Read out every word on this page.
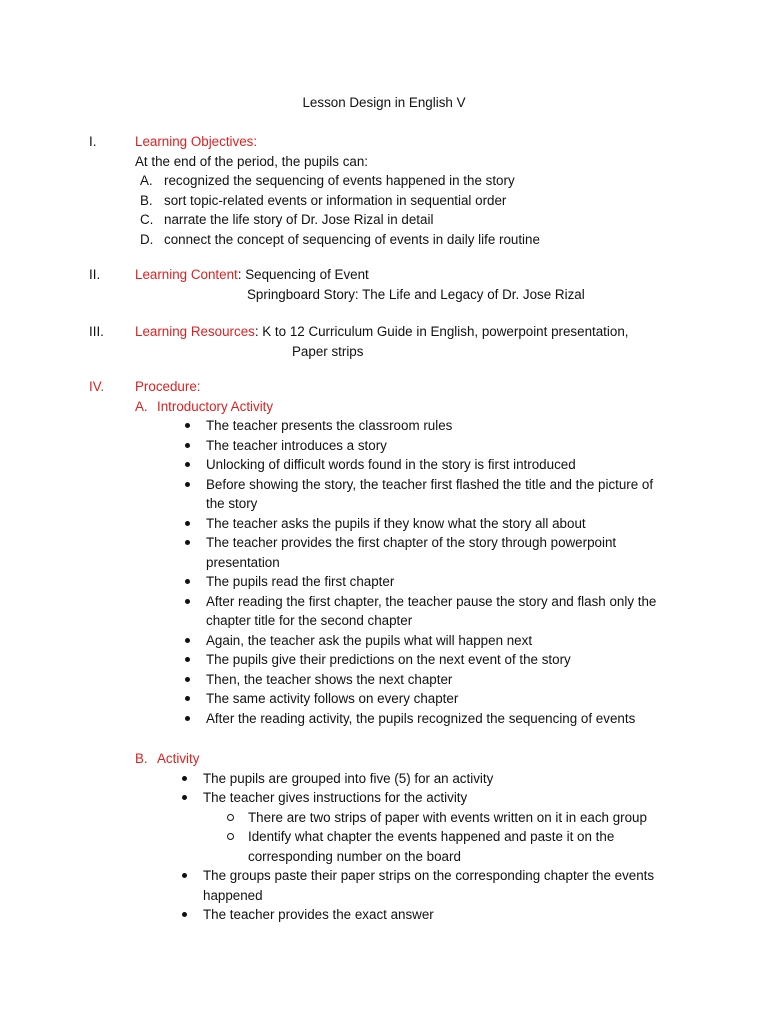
Lesson Design in English V
I.	Learning Objectives:
At the end of the period, the pupils can:
A. recognized the sequencing of events happened in the story
B. sort topic-related events or information in sequential order
C. narrate the life story of Dr. Jose Rizal in detail
D. connect the concept of sequencing of events in daily life routine
II.	Learning Content: Sequencing of Event
Springboard Story: The Life and Legacy of Dr. Jose Rizal
III.	Learning Resources: K to 12 Curriculum Guide in English, powerpoint presentation,
Paper strips
IV.	Procedure:
A. Introductory Activity
The teacher presents the classroom rules
The teacher introduces a story
Unlocking of difficult words found in the story is first introduced
Before showing the story, the teacher first flashed the title and the picture of
the story
The teacher asks the pupils if they know what the story all about
The teacher provides the first chapter of the story through powerpoint
presentation
The pupils read the first chapter
After reading the first chapter, the teacher pause the story and flash only the
chapter title for the second chapter
Again, the teacher ask the pupils what will happen next
The pupils give their predictions on the next event of the story
Then, the teacher shows the next chapter
The same activity follows on every chapter
After the reading activity, the pupils recognized the sequencing of events
B. Activity
The pupils are grouped into five (5) for an activity
The teacher gives instructions for the activity
There are two strips of paper with events written on it in each group
Identify what chapter the events happened and paste it on the
corresponding number on the board
The groups paste their paper strips on the corresponding chapter the events
happened
The teacher provides the exact answer
